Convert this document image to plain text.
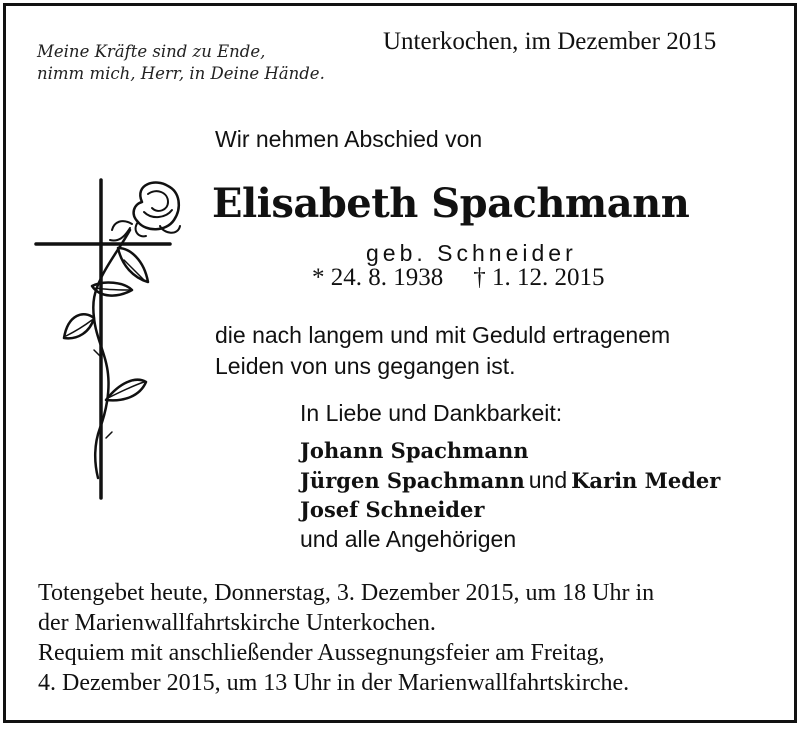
Meine Kräfte sind zu Ende,
nimm mich, Herr, in Deine Hände.
Unterkochen, im Dezember 2015
Wir nehmen Abschied von
Elisabeth Spachmann
geb. Schneider
* 24. 8. 1938 † 1. 12. 2015
die nach langem und mit Geduld ertragenem
Leiden von uns gegangen ist.
In Liebe und Dankbarkeit:
Johann Spachmann
Jürgen Spachmann und Karin Meder
Josef Schneider
und alle Angehörigen
Totengebet heute, Donnerstag, 3. Dezember 2015, um 18 Uhr in
der Marienwallfahrtskirche Unterkochen.
Requiem mit anschließender Aussegnungsfeier am Freitag,
4. Dezember 2015, um 13 Uhr in der Marienwallfahrtskirche.
